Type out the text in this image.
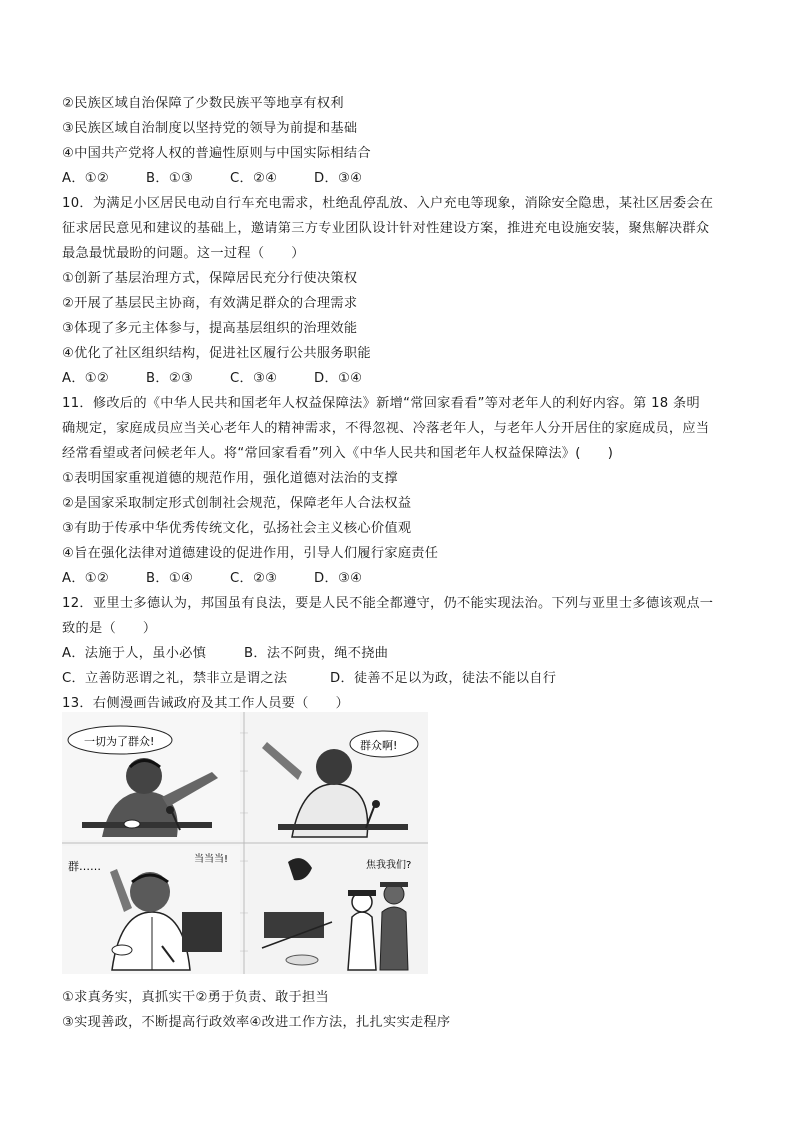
②民族区域自治保障了少数民族平等地享有权利
③民族区域自治制度以坚持党的领导为前提和基础
④中国共产党将人权的普遍性原则与中国实际相结合
A．①②	B．①③	C．②④	D．③④
10．为满足小区居民电动自行车充电需求，杜绝乱停乱放、入户充电等现象，消除安全隐患，某社区居委会在
征求居民意见和建议的基础上，邀请第三方专业团队设计针对性建设方案，推进充电设施安装，聚焦解决群众
最急最忧最盼的问题。这一过程（　　）
①创新了基层治理方式，保障居民充分行使决策权
②开展了基层民主协商，有效满足群众的合理需求
③体现了多元主体参与，提高基层组织的治理效能
④优化了社区组织结构，促进社区履行公共服务职能
A．①②	B．②③	C．③④	D．①④
11．修改后的《中华人民共和国老年人权益保障法》新增“常回家看看”等对老年人的利好内容。第 18 条明
确规定，家庭成员应当关心老年人的精神需求，不得忽视、冷落老年人，与老年人分开居住的家庭成员，应当
经常看望或者问候老年人。将“常回家看看”列入《中华人民共和国老年人权益保障法》(　　)
①表明国家重视道德的规范作用，强化道德对法治的支撑
②是国家采取制定形式创制社会规范，保障老年人合法权益
③有助于传承中华优秀传统文化，弘扬社会主义核心价值观
④旨在强化法律对道德建设的促进作用，引导人们履行家庭责任
A．①②	B．①④	C．②③	D．③④
12．亚里士多德认为，邦国虽有良法，要是人民不能全都遵守，仍不能实现法治。下列与亚里士多德该观点一
致的是（　　）
A．法施于人，虽小必慎	B．法不阿贵，绳不挠曲
C．立善防恶谓之礼，禁非立是谓之法	D．徒善不足以为政，徒法不能以自行
13．右侧漫画告诫政府及其工作人员要（　　）
一切为了群众!	群众啊!
群……
当当当!
焦我我们?
①求真务实，真抓实干②勇于负责、敢于担当
③实现善政，不断提高行政效率④改进工作方法，扎扎实实走程序
